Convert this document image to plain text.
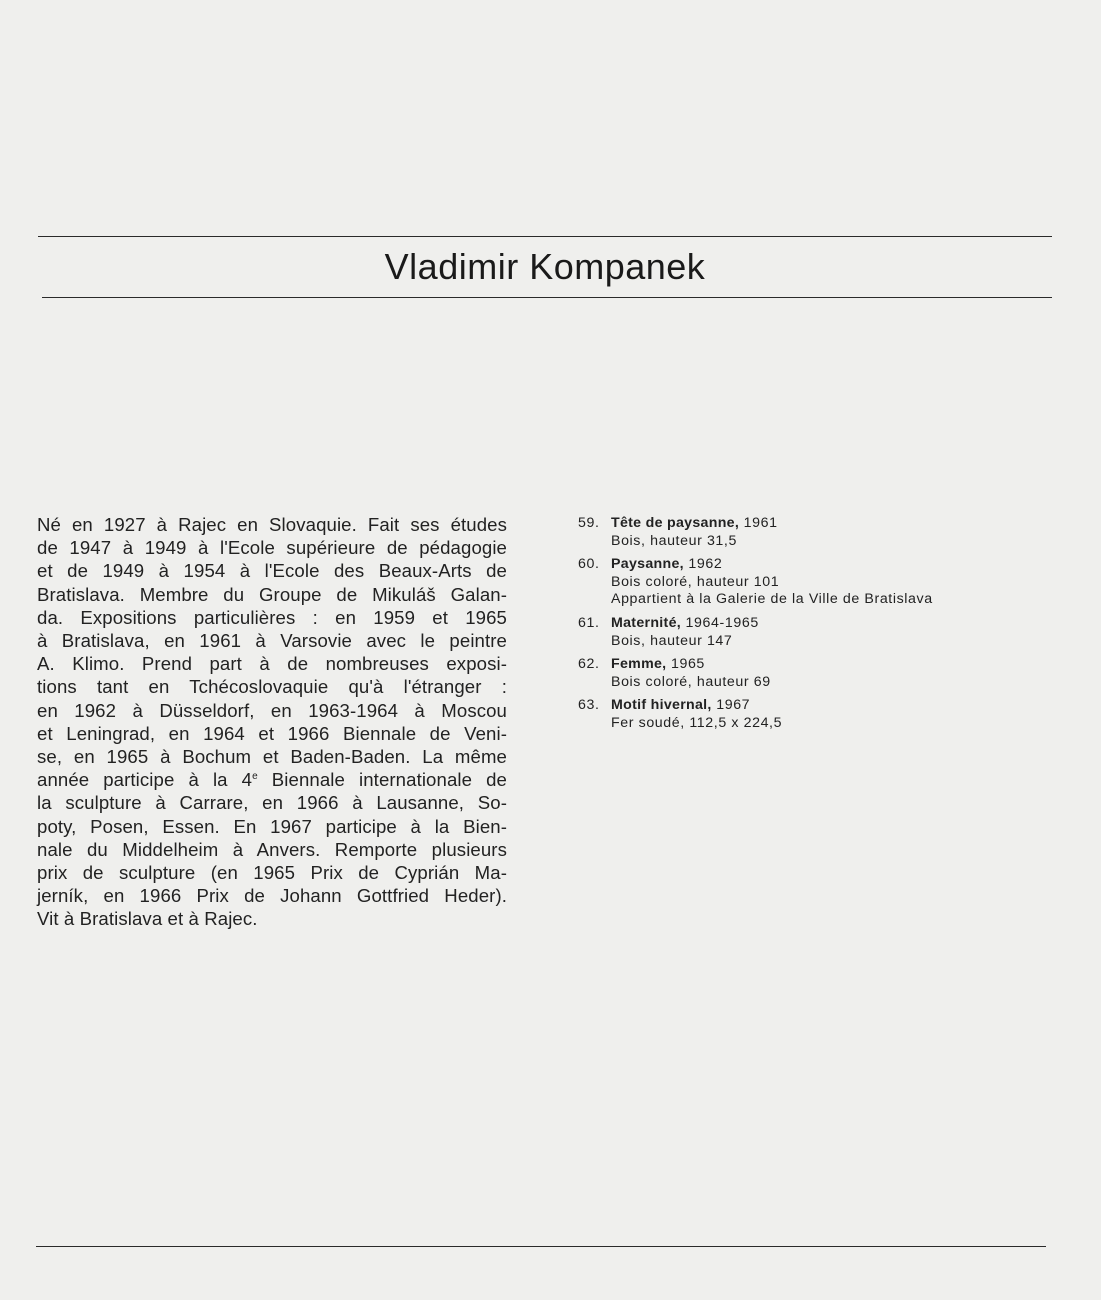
Vladimir Kompanek
Né en 1927 à Rajec en Slovaquie. Fait ses études
de 1947 à 1949 à l'Ecole supérieure de pédagogie
et de 1949 à 1954 à l'Ecole des Beaux-Arts de
Bratislava. Membre du Groupe de Mikuláš Galan-
da. Expositions particulières : en 1959 et 1965
à Bratislava, en 1961 à Varsovie avec le peintre
A. Klimo. Prend part à de nombreuses exposi-
tions tant en Tchécoslovaquie qu'à l'étranger :
en 1962 à Düsseldorf, en 1963-1964 à Moscou
et Leningrad, en 1964 et 1966 Biennale de Veni-
se, en 1965 à Bochum et Baden-Baden. La même
année participe à la 4e Biennale internationale de
la sculpture à Carrare, en 1966 à Lausanne, So-
poty, Posen, Essen. En 1967 participe à la Bien-
nale du Middelheim à Anvers. Remporte plusieurs
prix de sculpture (en 1965 Prix de Cyprián Ma-
jerník, en 1966 Prix de Johann Gottfried Heder).
Vit à Bratislava et à Rajec.
59. Tête de paysanne, 1961
Bois, hauteur 31,5
60. Paysanne, 1962
Bois coloré, hauteur 101
Appartient à la Galerie de la Ville de Bratislava
61. Maternité, 1964-1965
Bois, hauteur 147
62. Femme, 1965
Bois coloré, hauteur 69
63. Motif hivernal, 1967
Fer soudé, 112,5 x 224,5
